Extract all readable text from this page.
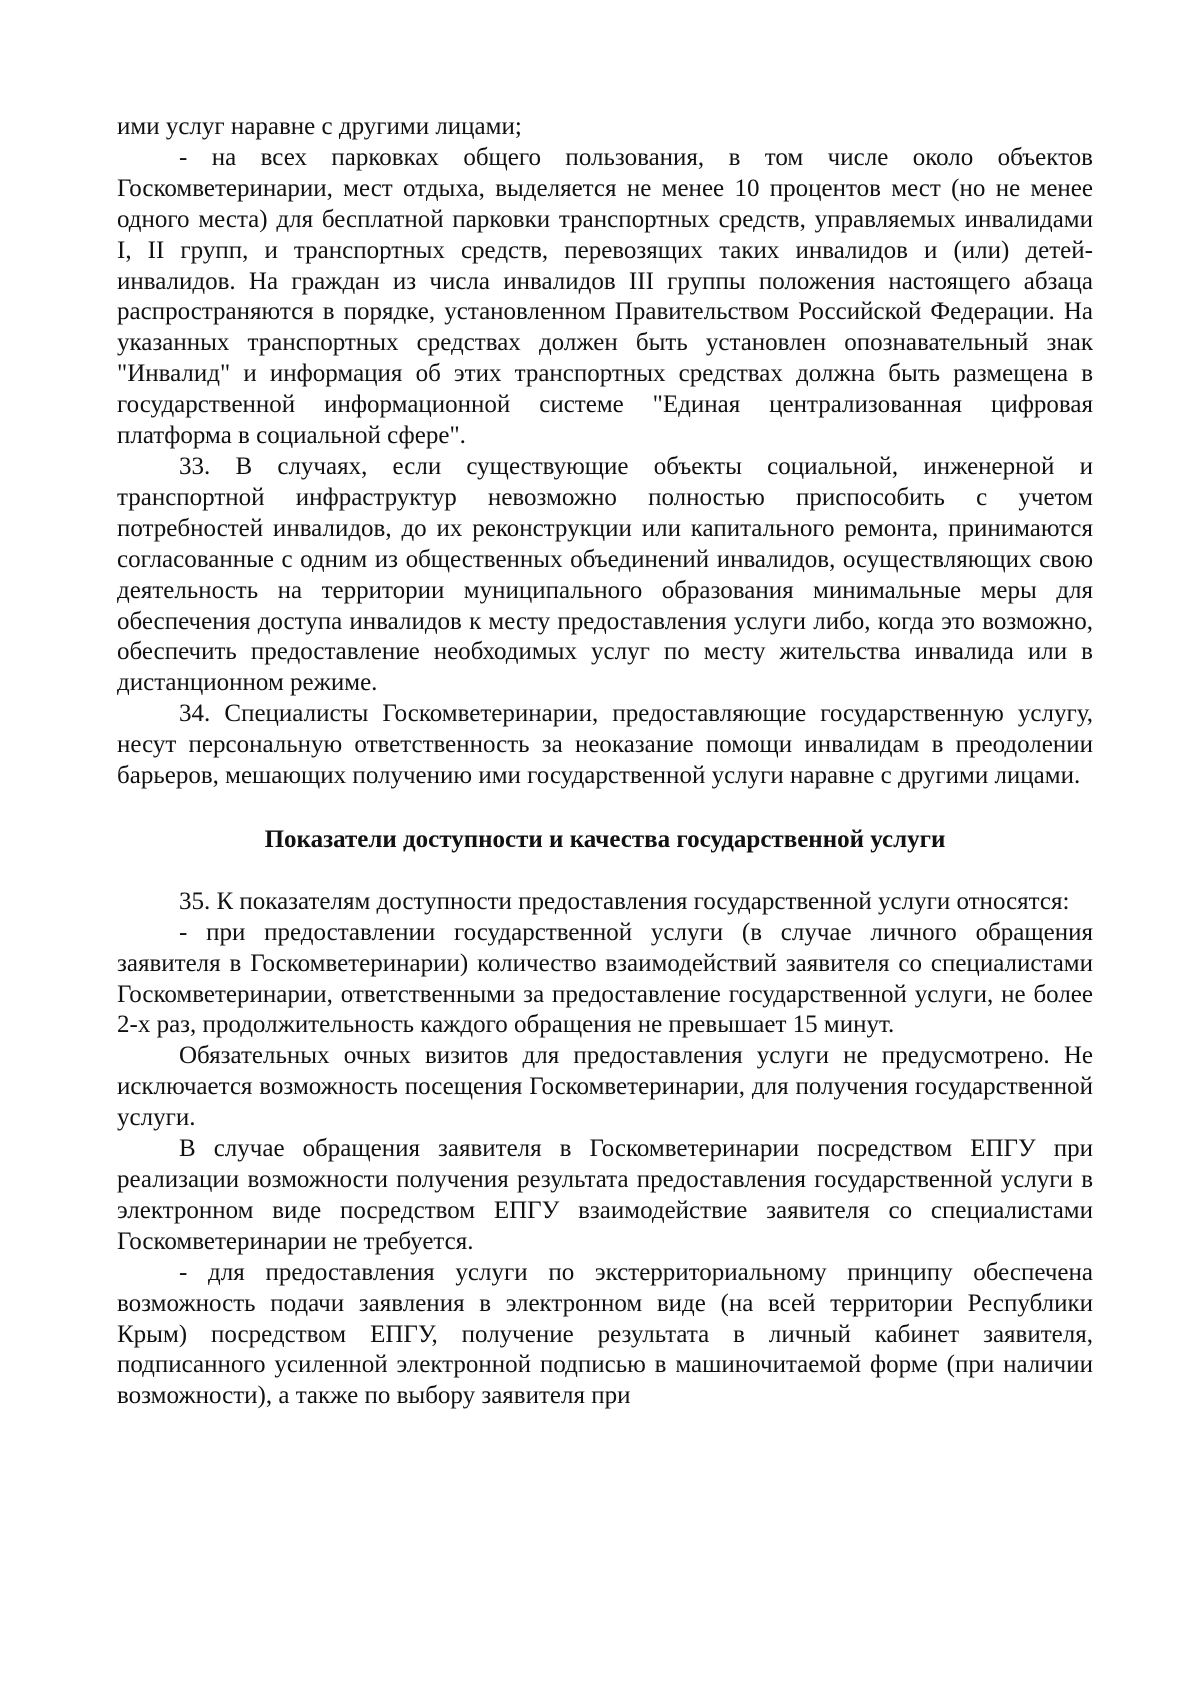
ими услуг наравне с другими лицами;

- на всех парковках общего пользования, в том числе около объектов Госкомветеринарии, мест отдыха, выделяется не менее 10 процентов мест (но не менее одного места) для бесплатной парковки транспортных средств, управляемых инвалидами I, II групп, и транспортных средств, перевозящих таких инвалидов и (или) детей-инвалидов. На граждан из числа инвалидов III группы положения настоящего абзаца распространяются в порядке, установленном Правительством Российской Федерации. На указанных транспортных средствах должен быть установлен опознавательный знак "Инвалид" и информация об этих транспортных средствах должна быть размещена в государственной информационной системе "Единая централизованная цифровая платформа в социальной сфере".

33. В случаях, если существующие объекты социальной, инженерной и транспортной инфраструктур невозможно полностью приспособить с учетом потребностей инвалидов, до их реконструкции или капитального ремонта, принимаются согласованные с одним из общественных объединений инвалидов, осуществляющих свою деятельность на территории муниципального образования минимальные меры для обеспечения доступа инвалидов к месту предоставления услуги либо, когда это возможно, обеспечить предоставление необходимых услуг по месту жительства инвалида или в дистанционном режиме.

34. Специалисты Госкомветеринарии, предоставляющие государственную услугу, несут персональную ответственность за неоказание помощи инвалидам в преодолении барьеров, мешающих получению ими государственной услуги наравне с другими лицами.

Показатели доступности и качества государственной услуги

35. К показателям доступности предоставления государственной услуги относятся:

- при предоставлении государственной услуги (в случае личного обращения заявителя в Госкомветеринарии) количество взаимодействий заявителя со специалистами Госкомветеринарии, ответственными за предоставление государственной услуги, не более 2-х раз, продолжительность каждого обращения не превышает 15 минут.

Обязательных очных визитов для предоставления услуги не предусмотрено. Не исключается возможность посещения Госкомветеринарии, для получения государственной услуги.

В случае обращения заявителя в Госкомветеринарии посредством ЕПГУ при реализации возможности получения результата предоставления государственной услуги в электронном виде посредством ЕПГУ взаимодействие заявителя со специалистами Госкомветеринарии не требуется.

- для предоставления услуги по экстерриториальному принципу обеспечена возможность подачи заявления в электронном виде (на всей территории Республики Крым) посредством ЕПГУ, получение результата в личный кабинет заявителя, подписанного усиленной электронной подписью в машиночитаемой форме (при наличии возможности), а также по выбору заявителя при
